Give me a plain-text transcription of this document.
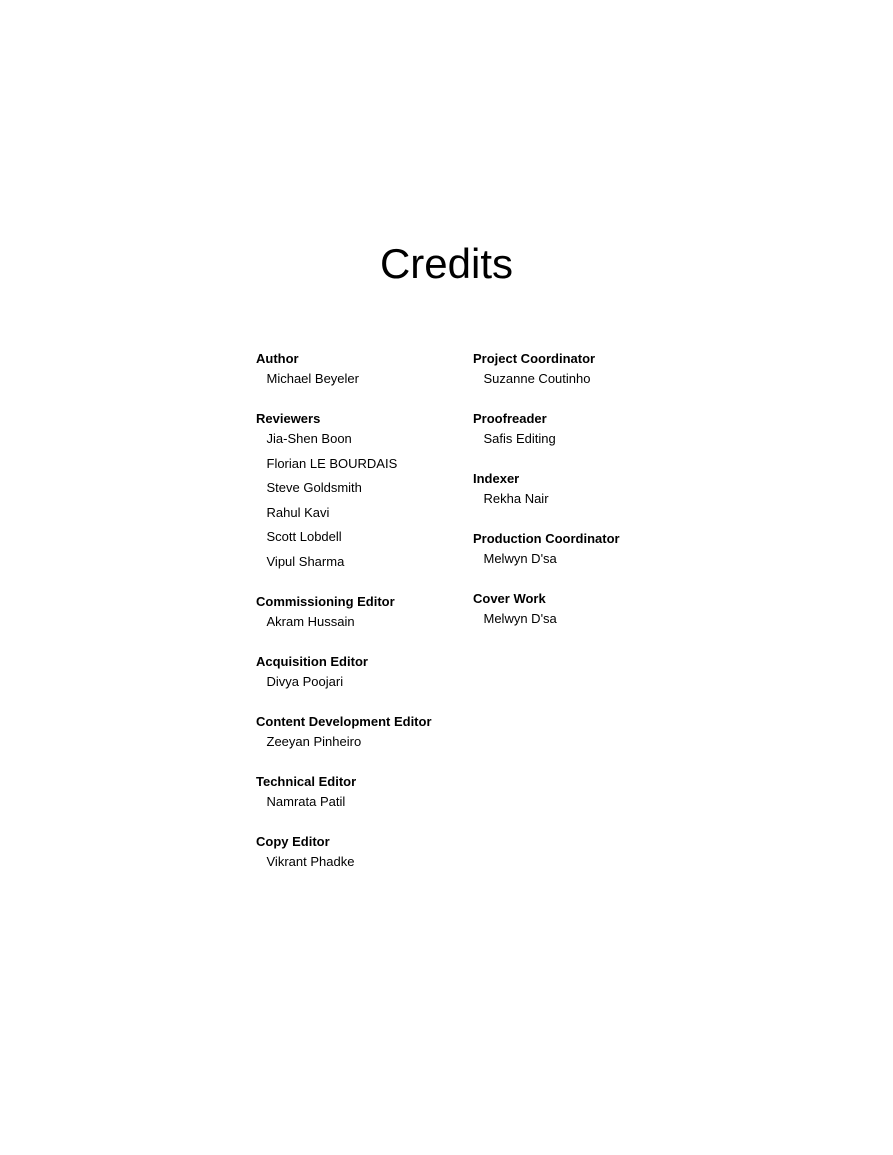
Credits

Author

Michael Beyeler

Reviewers

Jia-Shen Boon
Florian LE BOURDAIS
Steve Goldsmith
Rahul Kavi
Scott Lobdell
Vipul Sharma

Commissioning Editor

Akram Hussain

Acquisition Editor

Divya Poojari

Content Development Editor

Zeeyan Pinheiro

Technical Editor

Namrata Patil

Copy Editor

Vikrant Phadke

Project Coordinator

Suzanne Coutinho

Proofreader

Safis Editing

Indexer

Rekha Nair

Production Coordinator

Melwyn D'sa

Cover Work

Melwyn D'sa
